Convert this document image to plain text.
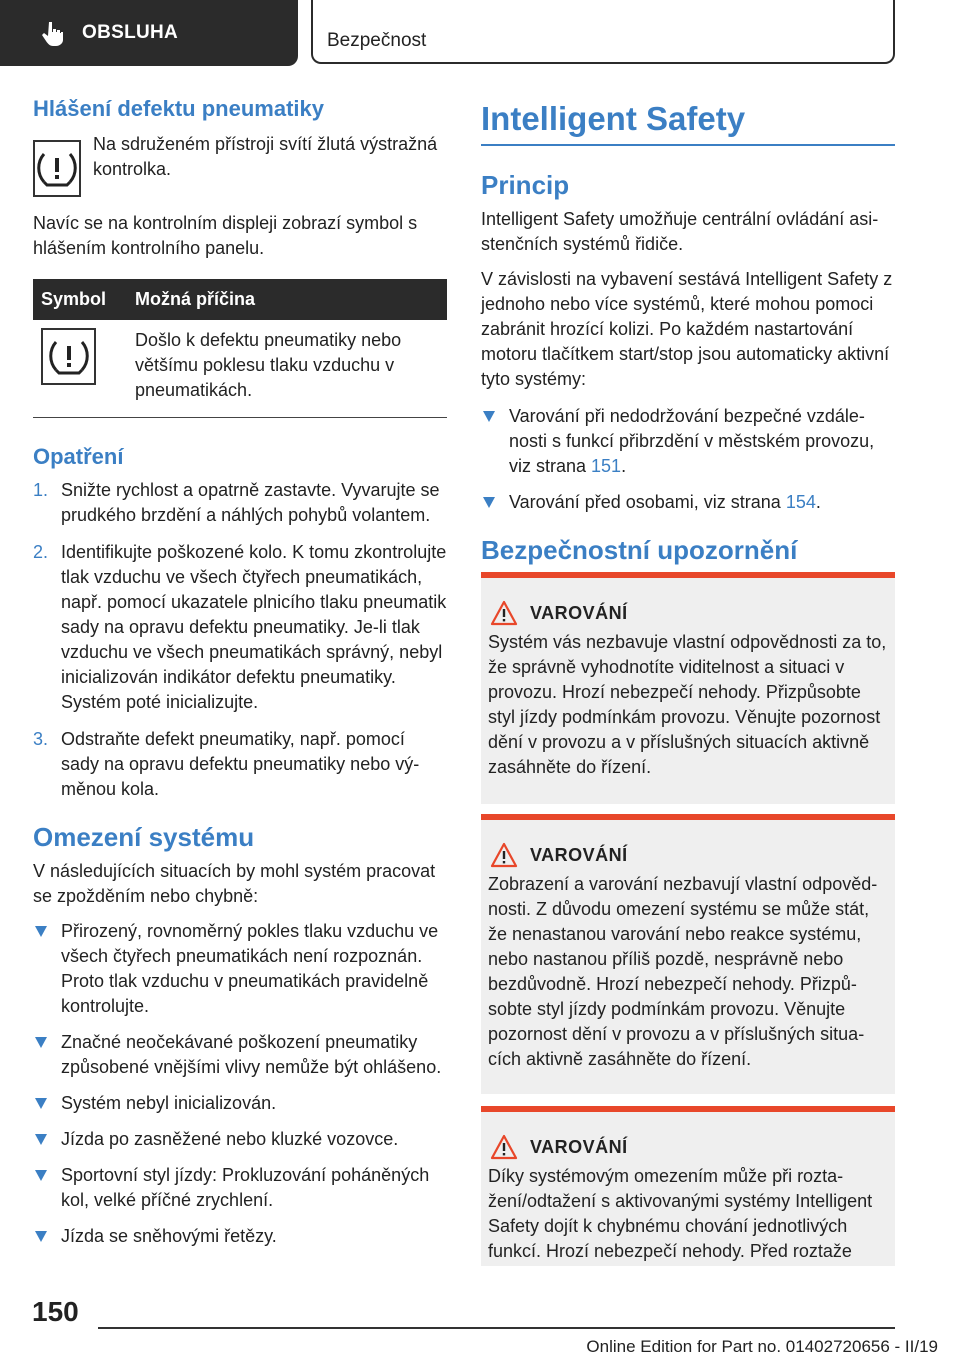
OBSLUHA	Bezpečnost
Hlášení defektu pneumatiky

Na sdruženém přístroji svítí žlutá výstražná kontrolka.

Navíc se na kontrolním displeji zobrazí symbol s hlášením kontrolního panelu.

Symbol	Možná příčina

	Došlo k defektu pneumatiky nebo většímu poklesu tlaku vzduchu v pneumatikách.
Opatření
1. Snižte rychlost a opatrně zastavte. Vyvarujte se prudkého brzdění a náhlých pohybů volantem.
2. Identifikujte poškozené kolo. K tomu zkontrolujte tlak vzduchu ve všech čtyřech pneumatikách, např. pomocí ukazatele plnicího tlaku pneumatik sady na opravu defektu pneumatiky. Je-li tlak vzduchu ve všech pneumatikách správný, nebyl inicializován indikátor defektu pneumatiky. Systém poté inicializujte.
3. Odstraňte defekt pneumatiky, např. pomocí sady na opravu defektu pneumatiky nebo výměnou kola.
Omezení systému

V následujících situacích by mohl systém pracovat se zpožděním nebo chybně:

Přirozený, rovnoměrný pokles tlaku vzduchu ve všech čtyřech pneumatikách není rozpoznán. Proto tlak vzduchu v pneumatikách pravidelně kontrolujte.
Značné neočekávané poškození pneumatiky způsobené vnějšími vlivy nemůže být ohlášeno.
Systém nebyl inicializován.
Jízda po zasněžené nebo kluzké vozovce.
Sportovní styl jízdy: Prokluzování poháněných kol, velké příčné zrychlení.
Jízda se sněhovými řetězy.
Intelligent Safety
Princip

Intelligent Safety umožňuje centrální ovládání asistenčních systémů řidiče.

V závislosti na vybavení sestává Intelligent Safety z jednoho nebo více systémů, které mohou pomoci zabránit hrozící kolizi. Po každém nastartování motoru tlačítkem start/stop jsou automaticky aktivní tyto systémy:

Varování při nedodržování bezpečné vzdálenosti s funkcí přibrzdění v městském provozu, viz strana 151.
Varování před osobami, viz strana 154.
Bezpečnostní upozornění
VAROVÁNÍ

Systém vás nezbavuje vlastní odpovědnosti za to, že správně vyhodnotíte viditelnost a situaci v provozu. Hrozí nebezpečí nehody. Přizpůsobte styl jízdy podmínkám provozu. Věnujte pozornost dění v provozu a v příslušných situacích aktivně zasáhněte do řízení.

VAROVÁNÍ

Zobrazení a varování nezbavují vlastní odpovědnosti. Z důvodu omezení systému se může stát, že nenastanou varování nebo reakce systému, nebo nastanou příliš pozdě, nesprávně nebo bezdůvodně. Hrozí nebezpečí nehody. Přizpůsobte styl jízdy podmínkám provozu. Věnujte pozornost dění v provozu a v příslušných situacích aktivně zasáhněte do řízení.

VAROVÁNÍ

Díky systémovým omezením může při roztažení/odtažení s aktivovanými systémy Intelligent Safety dojít k chybnému chování jednotlivých funkcí. Hrozí nebezpečí nehody. Před roztaže

150
Online Edition for Part no. 01402720656 - II/19
